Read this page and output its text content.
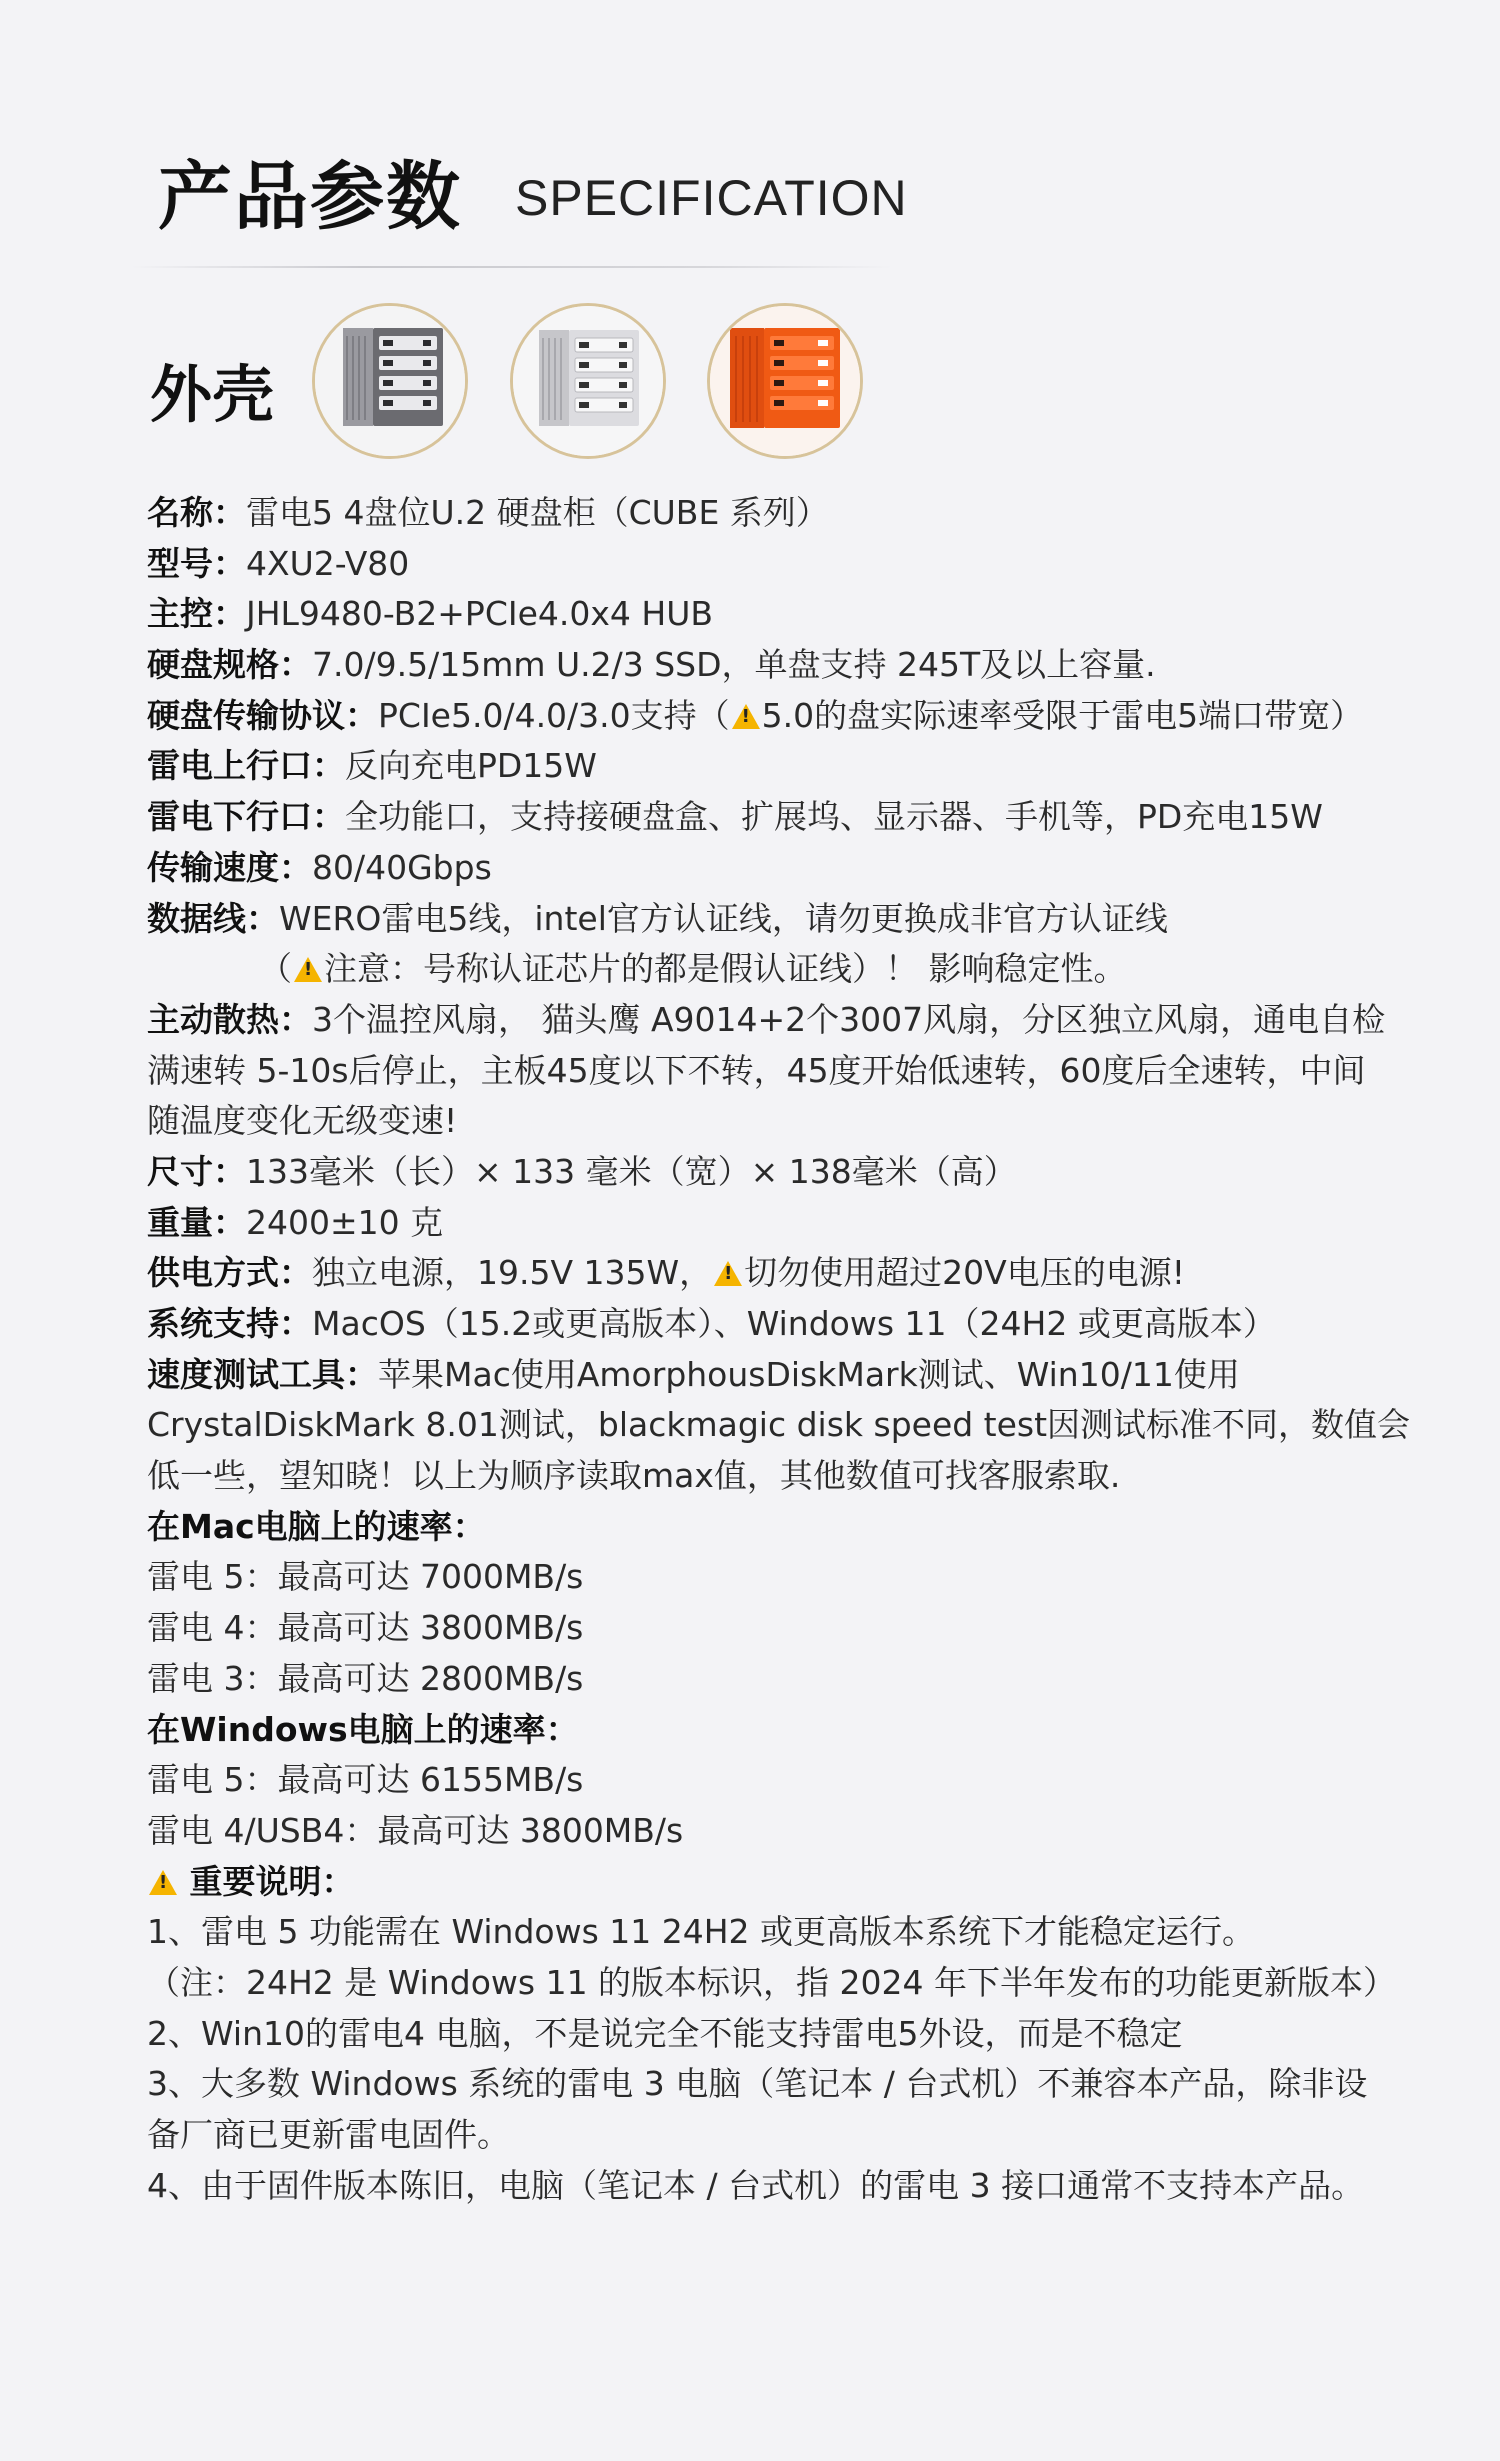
产品参数 SPECIFICATION
外壳
名称：雷电5 4盘位U.2 硬盘柜（CUBE 系列）
型号：4XU2-V80
主控：JHL9480-B2+PCIe4.0x4 HUB
硬盘规格：7.0/9.5/15mm U.2/3 SSD，单盘支持 245T及以上容量.
硬盘传输协议：PCIe5.0/4.0/3.0支持（ ! 5.0的盘实际速率受限于雷电5端口带宽）
雷电上行口：反向充电PD15W
雷电下行口：全功能口，支持接硬盘盒、扩展坞、显示器、手机等，PD充电15W
传输速度：80/40Gbps
数据线：WERO雷电5线，intel官方认证线，请勿更换成非官方认证线
（ ! 注意：号称认证芯片的都是假认证线）！ 影响稳定性。
主动散热：3个温控风扇， 猫头鹰 A9014+2个3007风扇，分区独立风扇，通电自检
满速转 5-10s后停止，主板45度以下不转，45度开始低速转，60度后全速转，中间
随温度变化无级变速!
尺寸：133毫米（长）× 133 毫米（宽）× 138毫米（高）
重量：2400±10 克
供电方式：独立电源，19.5V 135W， ! 切勿使用超过20V电压的电源!
系统支持：MacOS（15.2或更高版本）、Windows 11（24H2 或更高版本）
速度测试工具：苹果Mac使用AmorphousDiskMark测试、Win10/11使用
CrystalDiskMark 8.01测试，blackmagic disk speed test因测试标准不同，数值会
低一些，望知晓！以上为顺序读取max值，其他数值可找客服索取.
在Mac电脑上的速率：
雷电 5：最高可达 7000MB/s
雷电 4：最高可达 3800MB/s
雷电 3：最高可达 2800MB/s
在Windows电脑上的速率：
雷电 5：最高可达 6155MB/s
雷电 4/USB4：最高可达 3800MB/s
! 重要说明：
1、雷电 5 功能需在 Windows 11 24H2 或更高版本系统下才能稳定运行。
（注：24H2 是 Windows 11 的版本标识，指 2024 年下半年发布的功能更新版本）
2、Win10的雷电4 电脑，不是说完全不能支持雷电5外设，而是不稳定
3、大多数 Windows 系统的雷电 3 电脑（笔记本 / 台式机）不兼容本产品，除非设
备厂商已更新雷电固件。
4、由于固件版本陈旧，电脑（笔记本 / 台式机）的雷电 3 接口通常不支持本产品。
